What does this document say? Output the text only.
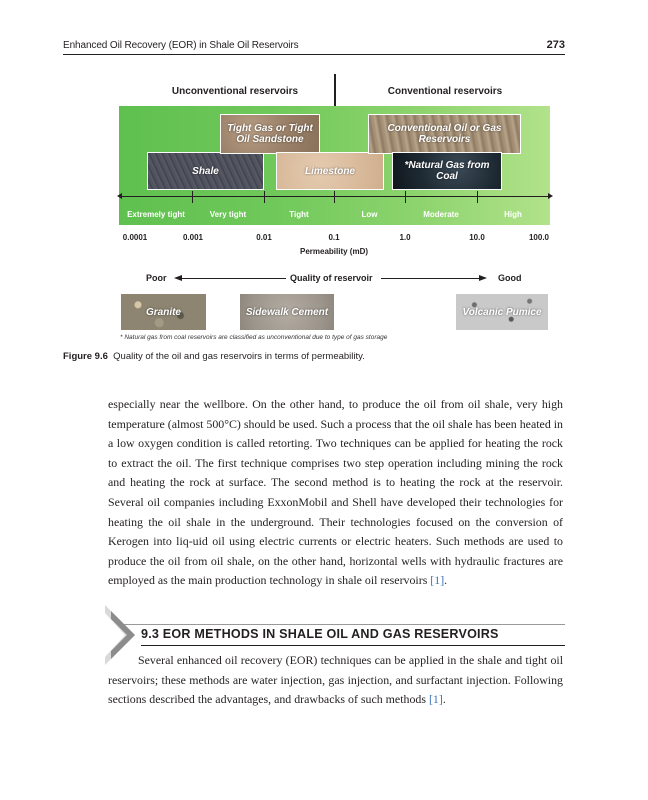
Enhanced Oil Recovery (EOR) in Shale Oil Reservoirs	273
Unconventional reservoirs	Conventional reservoirs
Shale
Tight Gas or Tight Oil Sandstone
Limestone
Conventional Oil or Gas Reservoirs
*Natural Gas from Coal
Extremely tight	Very tight	Tight	Low	Moderate	High
0.0001	0.001	0.01	0.1	1.0	10.0	100.0
Permeability (mD)
Poor	Quality of reservoir	Good
Granite	Sidewalk Cement	Volcanic Pumice
* Natural gas from coal reservoirs are classified as unconventional due to type of gas storage
Figure 9.6 Quality of the oil and gas reservoirs in terms of permeability.
especially near the wellbore. On the other hand, to produce the oil from oil shale, very high temperature (almost 500°C) should be used. Such a process that the oil shale has been heated in a low oxygen condition is called retorting. Two techniques can be applied for heating the rock to extract the oil. The first technique comprises two step operation including mining the rock and heating the rock at surface. The second method is to heating the rock at the reservoir. Several oil companies including ExxonMobil and Shell have developed their technologies for heating the oil shale in the underground. Their technologies focused on the conversion of Kerogen into liq-uid oil using electric currents or electric heaters. Such methods are used to produce the oil from oil shale, on the other hand, horizontal wells with hydraulic fractures are employed as the main production technology in shale oil reservoirs [1].
9.3 EOR METHODS IN SHALE OIL AND GAS RESERVOIRS
Several enhanced oil recovery (EOR) techniques can be applied in the shale and tight oil reservoirs; these methods are water injection, gas injection, and surfactant injection. Following sections described the advantages, and drawbacks of such methods [1].
